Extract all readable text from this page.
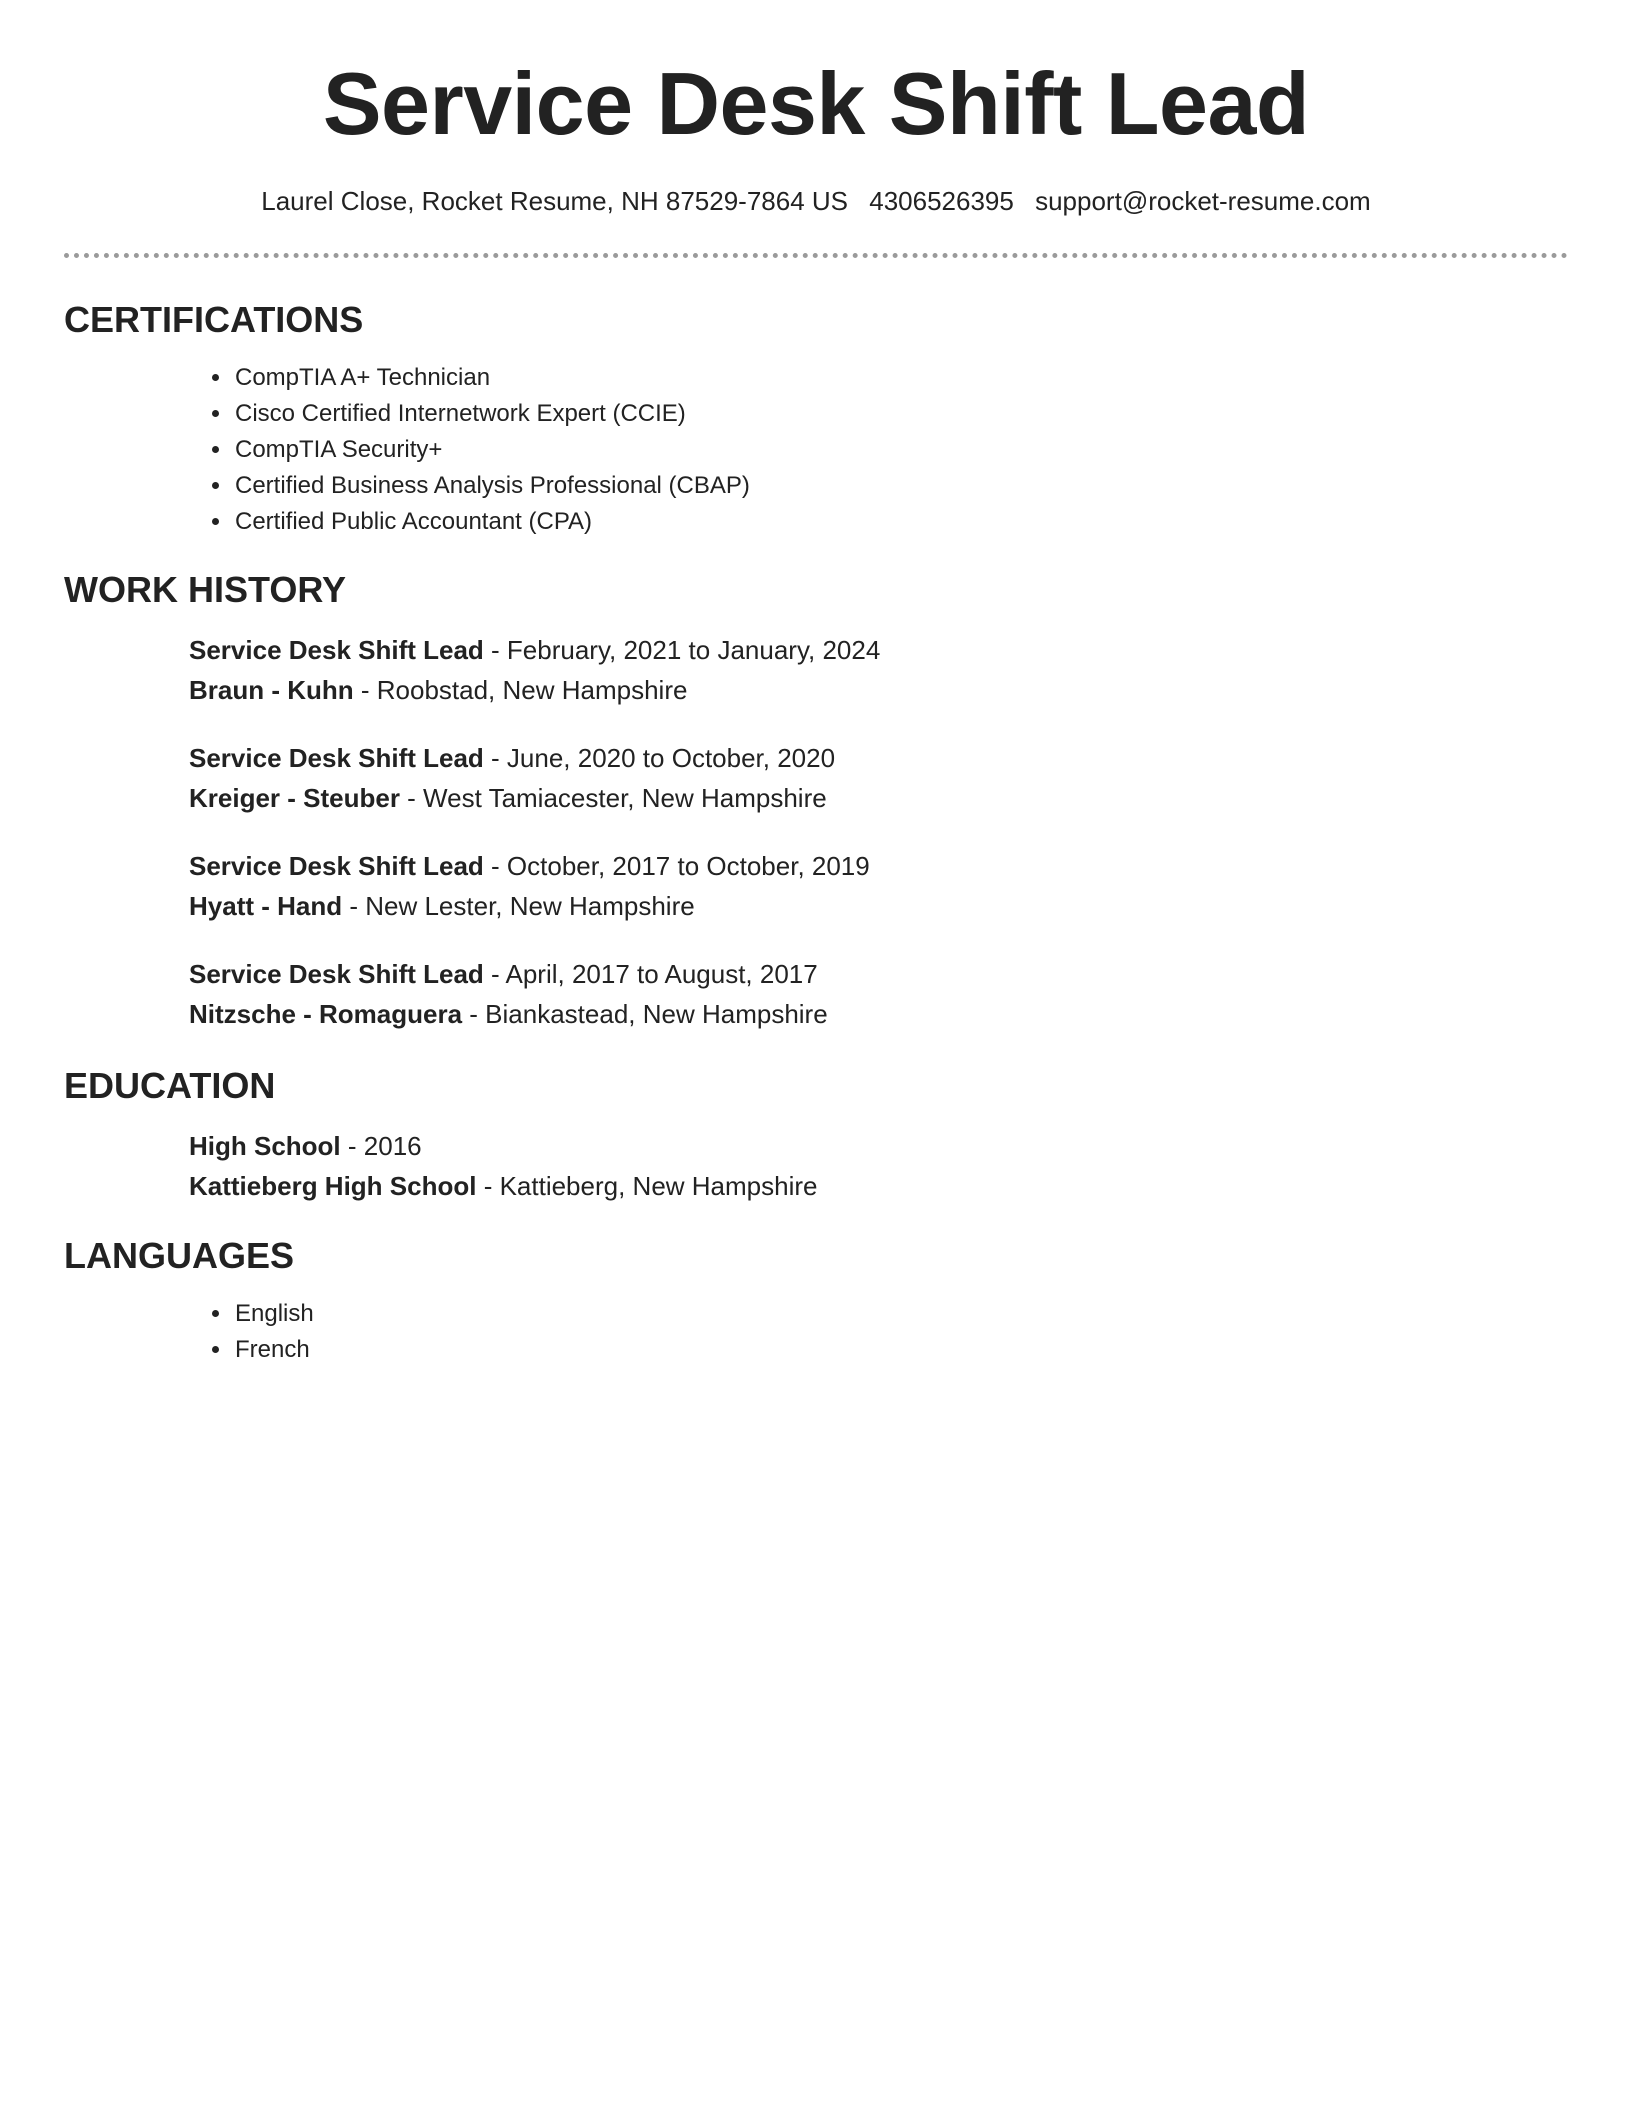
Service Desk Shift Lead
Laurel Close, Rocket Resume, NH 87529-7864 US 4306526395 support@rocket-resume.com
CERTIFICATIONS
• CompTIA A+ Technician
• Cisco Certified Internetwork Expert (CCIE)
• CompTIA Security+
• Certified Business Analysis Professional (CBAP)
• Certified Public Accountant (CPA)
WORK HISTORY
Service Desk Shift Lead - February, 2021 to January, 2024
Braun - Kuhn - Roobstad, New Hampshire
Service Desk Shift Lead - June, 2020 to October, 2020
Kreiger - Steuber - West Tamiacester, New Hampshire
Service Desk Shift Lead - October, 2017 to October, 2019
Hyatt - Hand - New Lester, New Hampshire
Service Desk Shift Lead - April, 2017 to August, 2017
Nitzsche - Romaguera - Biankastead, New Hampshire
EDUCATION
High School - 2016
Kattieberg High School - Kattieberg, New Hampshire
LANGUAGES
• English
• French
